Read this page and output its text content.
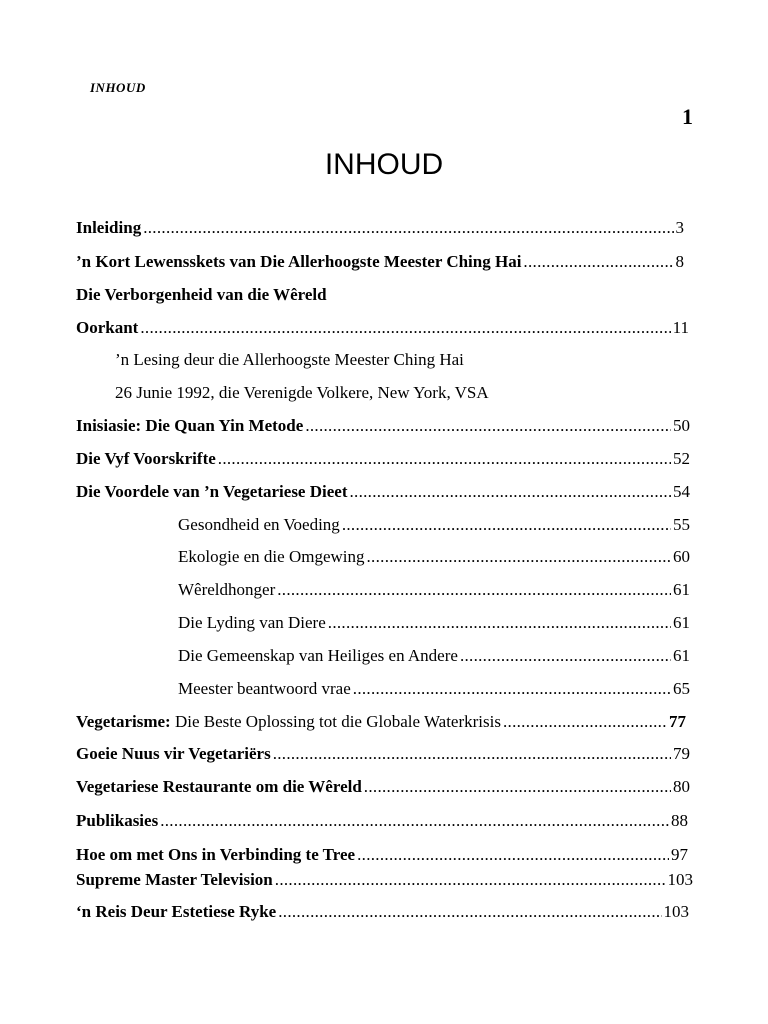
INHOUD
1
INHOUD
Inleiding .....	3
’n Kort Lewensskets van Die Allerhoogste Meester Ching Hai .....	8
Die Verborgenheid van die Wêreld
Oorkant .....	11
’n Lesing deur die Allerhoogste Meester Ching Hai
26 Junie 1992, die Verenigde Volkere, New York, VSA
Inisiasie: Die Quan Yin Metode .....	50
Die Vyf Voorskrifte .....	52
Die Voordele van ’n Vegetariese Dieet .....	54
Gesondheid en Voeding .....	55
Ekologie en die Omgewing .....	60
Wêreldhonger .....	61
Die Lyding van Diere .....	61
Die Gemeenskap van Heiliges en Andere .....	61
Meester beantwoord vrae .....	65
Vegetarisme: Die Beste Oplossing tot die Globale Waterkrisis .....	77
Goeie Nuus vir Vegetariërs .....	79
Vegetariese Restaurante om die Wêreld .....	80
Publikasies .....	88
Hoe om met Ons in Verbinding te Tree .....	97
Supreme Master Television .....	103
‘n Reis Deur Estetiese Ryke .....	103
